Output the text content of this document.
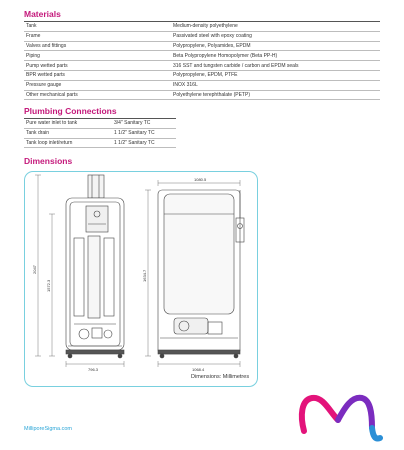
Materials
Tank	Medium-density polyethylene
Frame	Passivated steel with epoxy coating
Valves and fittings	Polypropylene, Polyamides, EPDM
Piping	Beta Polypropylene Homopolymer (Beta PP-H)
Pump wetted parts	316 SST and tungsten carbide / carbon and EPDM seals
BPR wetted parts	Polypropylene, EPDM, PTFE
Pressure gauge	INOX 316L
Other mechanical parts	Polyethylene terephthalate (PETP)
Plumbing Connections
Pure water inlet to tank	3/4" Sanitary TC
Tank drain	1 1/2" Sanitary TC
Tank loop inlet/return	1 1/2" Sanitary TC
Dimensions
2047
1572.3
796.3
1080.5
1634.7
1068.4
Dimensions: Millimetres
MilliporeSigma.com
